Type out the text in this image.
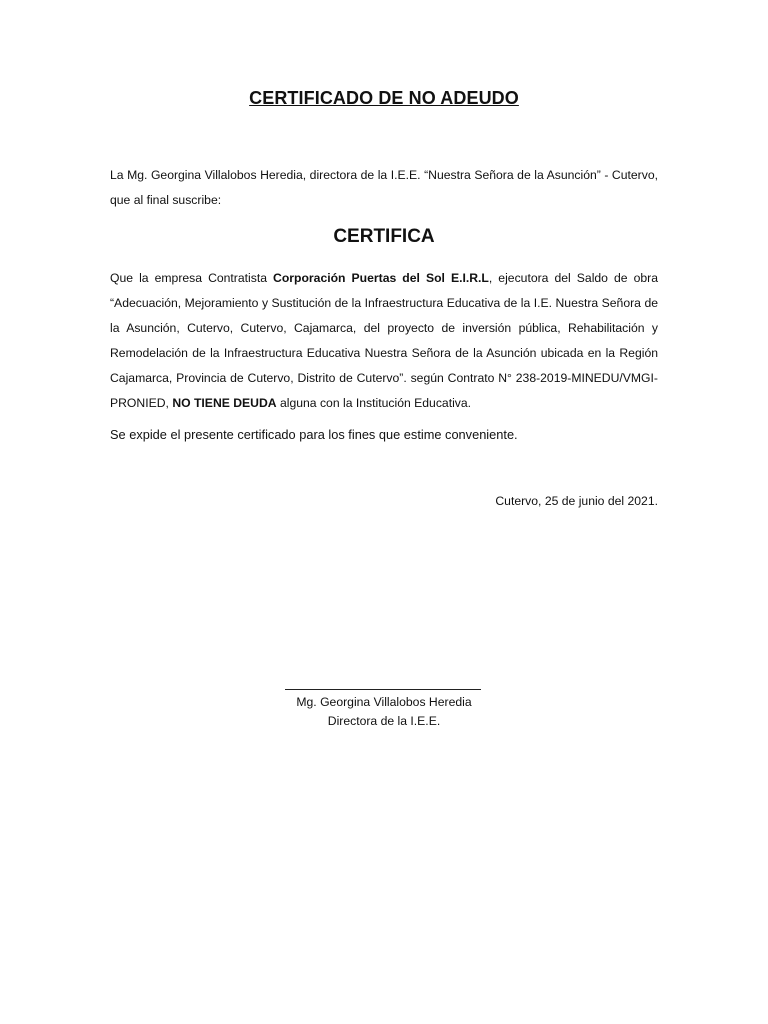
CERTIFICADO DE NO ADEUDO
La Mg. Georgina Villalobos Heredia, directora de la I.E.E. “Nuestra Señora de la Asunción” - Cutervo, que al final suscribe:
CERTIFICA
Que la empresa Contratista Corporación Puertas del Sol E.I.R.L, ejecutora del Saldo de obra “Adecuación, Mejoramiento y Sustitución de la Infraestructura Educativa de la I.E. Nuestra Señora de la Asunción, Cutervo, Cutervo, Cajamarca, del proyecto de inversión pública, Rehabilitación y Remodelación de la Infraestructura Educativa Nuestra Señora de la Asunción ubicada en la Región Cajamarca, Provincia de Cutervo, Distrito de Cutervo”. según Contrato N° 238-2019-MINEDU/VMGI-PRONIED, NO TIENE DEUDA alguna con la Institución Educativa.
Se expide el presente certificado para los fines que estime conveniente.
Cutervo, 25 de junio del 2021.
Mg. Georgina Villalobos Heredia
Directora de la I.E.E.
